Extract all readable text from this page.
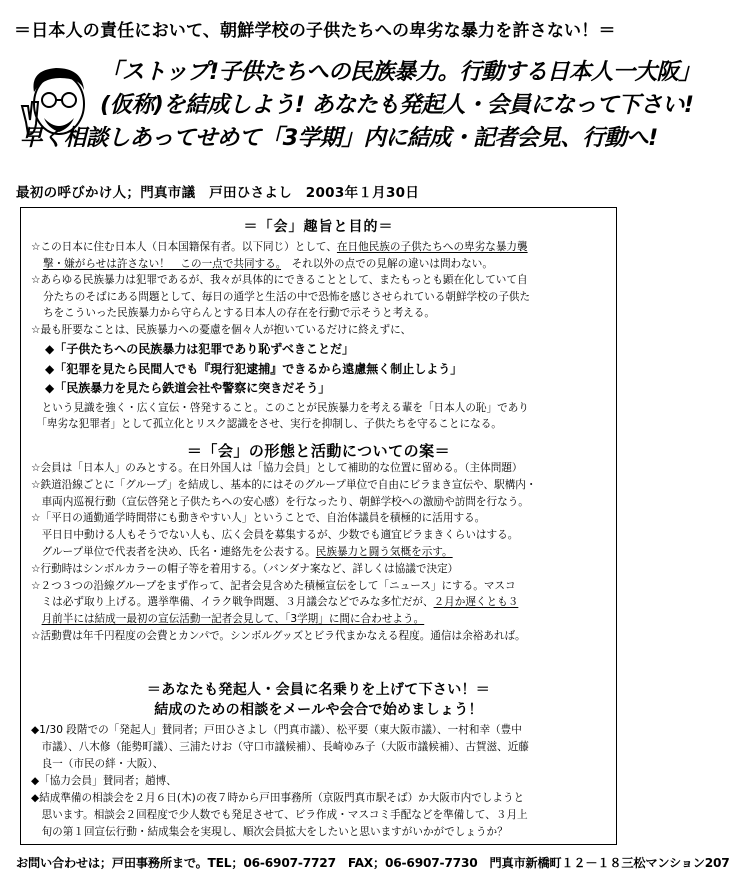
＝日本人の責任において、朝鮮学校の子供たちへの卑劣な暴力を許さない！＝
「ストップ!子供たちへの民族暴力。行動する日本人一大阪」
(仮称)を結成しよう! あなたも発起人・会員になって下さい!
早く相談しあってせめて「3学期」内に結成・記者会見、行動へ!
最初の呼びかけ人；門真市議　戸田ひさよし　2003年１月30日
＝「会」趣旨と目的＝
☆この日本に住む日本人（日本国籍保有者。以下同じ）として、在日他民族の子供たちへの卑劣な暴力襲
撃・嫌がらせは許さない！　この一点で共同する。　それ以外の点での見解の違いは問わない。
☆あらゆる民族暴力は犯罪であるが、我々が具体的にできることとして、またもっとも顕在化していて自
分たちのそばにある問題として、毎日の通学と生活の中で恐怖を感じさせられている朝鮮学校の子供た
ちをこういった民族暴力から守らんとする日本人の存在を行動で示そうと考える。
☆最も肝要なことは、民族暴力への憂慮を個々人が抱いているだけに終えずに、
◆「子供たちへの民族暴力は犯罪であり恥ずべきことだ」
◆「犯罪を見たら民間人でも『現行犯逮捕』できるから遠慮無く制止しよう」
◆「民族暴力を見たら鉄道会社や警察に突きだそう」
　という見識を強く・広く宣伝・啓発すること。このことが民族暴力を考える輩を「日本人の恥」であり
　「卑劣な犯罪者」として孤立化とリスク認識をさせ、実行を抑制し、子供たちを守ることになる。
＝「会」の形態と活動についての案＝
☆会員は「日本人」のみとする。在日外国人は「協力会員」として補助的な位置に留める。（主体問題）
☆鉄道沿線ごとに「グループ」を結成し、基本的にはそのグループ単位で自由にビラまき宣伝や、駅構内・
　車両内巡視行動（宣伝啓発と子供たちへの安心感）を行なったり、朝鮮学校への激励や訪問を行なう。
☆「平日の通勤通学時間帯にも動きやすい人」ということで、自治体議員を積極的に活用する。
　平日日中動ける人もそうでない人も、広く会員を募集するが、少数でも適宜ビラまきくらいはする。
　グループ単位で代表者を決め、氏名・連絡先を公表する。民族暴力と闘う気概を示す。
☆行動時はシンボルカラーの帽子等を着用する。（バンダナ案など、詳しくは協議で決定）
☆２つ３つの沿線グループをまず作って、記者会見含めた積極宣伝をして「ニュース」にする。マスコ
　ミは必ず取り上げる。選挙準備、イラク戦争問題、３月議会などでみな多忙だが、２月か遅くとも３
　月前半には結成一最初の宣伝活動一記者会見して、「3学期」に間に合わせよう。
☆活動費は年千円程度の会費とカンパで。シンボルグッズとビラ代まかなえる程度。通信は余裕あれば。
＝あなたも発起人・会員に名乗りを上げて下さい！＝
結成のための相談をメールや会合で始めましょう！
◆1/30 段階での「発起人」賛同者；戸田ひさよし（門真市議）、松平要（東大阪市議）、一村和幸（豊中
　市議）、八木修（能勢町議）、三浦たけお（守口市議候補）、長崎ゆみ子（大阪市議候補）、古賀滋、近藤
　良一（市民の絆・大阪）、
◆「協力会員」賛同者；趙博、
◆結成準備の相談会を２月６日(木)の夜７時から戸田事務所（京阪門真市駅そば）か大阪市内でしようと
　思います。相談会２回程度で少人数でも発足させて、ビラ作成・マスコミ手配などを準備して、３月上
　旬の第１回宣伝行動・結成集会を実現し、順次会員拡大をしたいと思いますがいかがでしょうか？
お問い合わせは；戸田事務所まで。TEL；06-6907-7727　FAX；06-6907-7730　門真市新橋町１２－１８三松マンション207
